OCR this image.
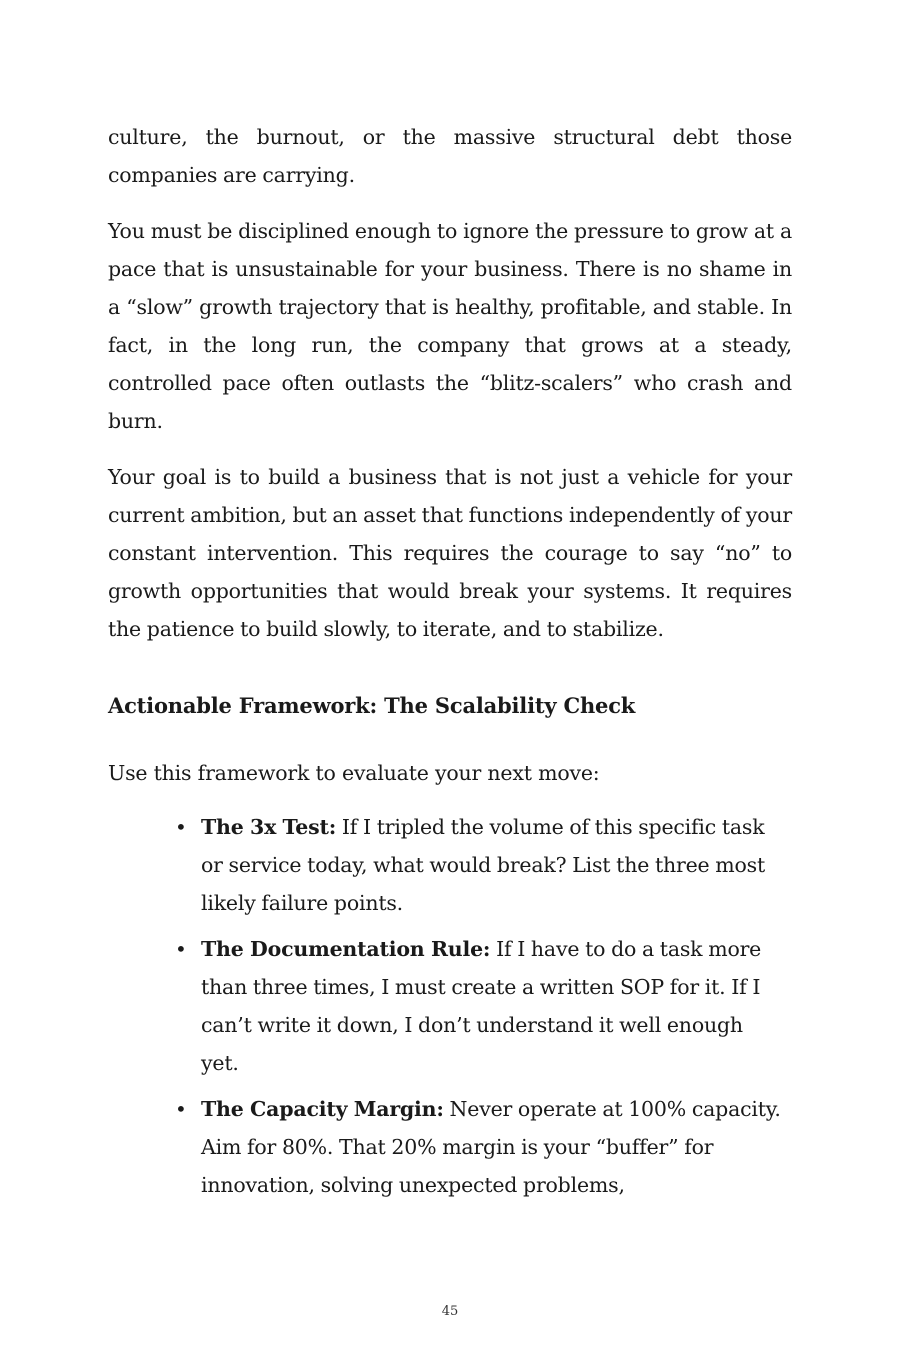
culture, the burnout, or the massive structural debt those companies are carrying.

You must be disciplined enough to ignore the pressure to grow at a pace that is unsustainable for your business. There is no shame in a “slow” growth trajectory that is healthy, profitable, and stable. In fact, in the long run, the company that grows at a steady, controlled pace often outlasts the “blitz-scalers” who crash and burn.

Your goal is to build a business that is not just a vehicle for your current ambition, but an asset that functions independently of your constant intervention. This requires the courage to say “no” to growth opportunities that would break your systems. It requires the patience to build slowly, to iterate, and to stabilize.

Actionable Framework: The Scalability Check

Use this framework to evaluate your next move:

• The 3x Test: If I tripled the volume of this specific task or service today, what would break? List the three most likely failure points.
• The Documentation Rule: If I have to do a task more than three times, I must create a written SOP for it. If I can’t write it down, I don’t understand it well enough yet.
• The Capacity Margin: Never operate at 100% capacity. Aim for 80%. That 20% margin is your “buffer” for innovation, solving unexpected problems,
45
